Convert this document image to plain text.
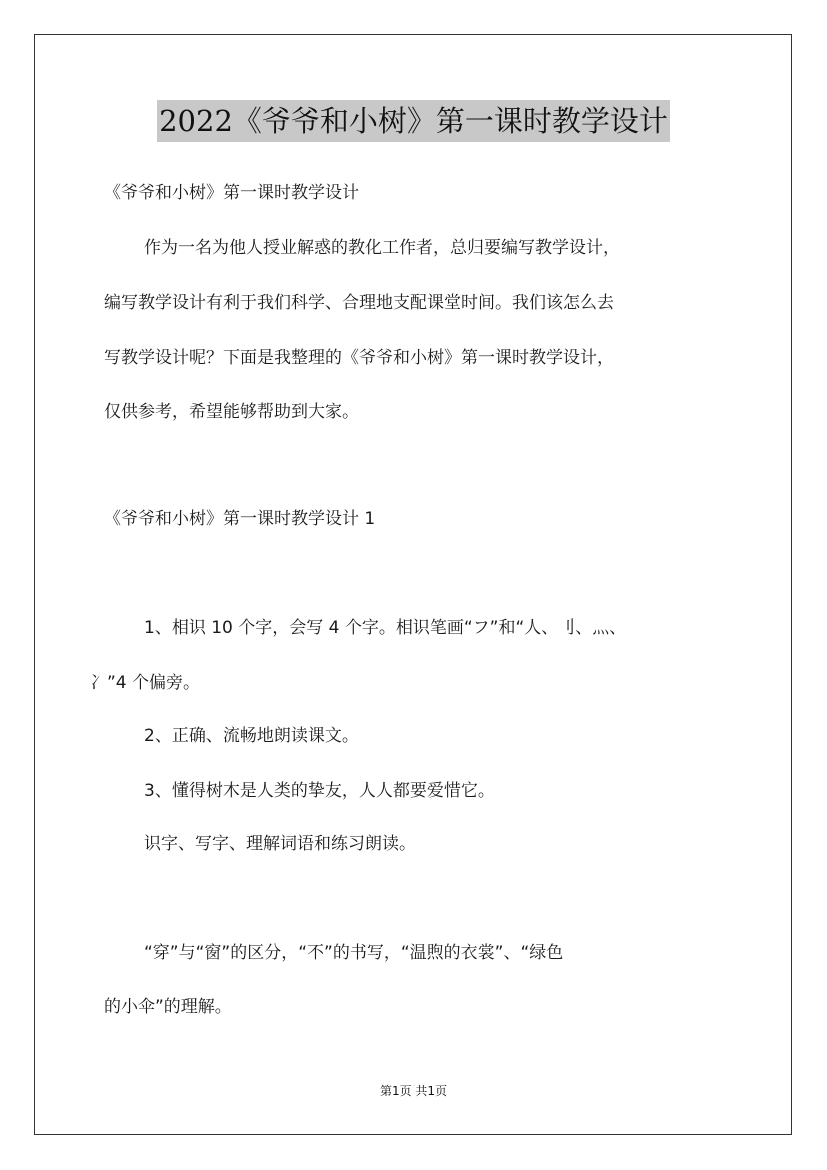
2022《爷爷和小树》第一课时教学设计
《爷爷和小树》第一课时教学设计
作为一名为他人授业解惑的教化工作者，总归要编写教学设计，
编写教学设计有利于我们科学、合理地支配课堂时间。我们该怎么去
写教学设计呢？下面是我整理的《爷爷和小树》第一课时教学设计，
仅供参考，希望能够帮助到大家。
《爷爷和小树》第一课时教学设计 1
1、相识 10 个字，会写 4 个字。相识笔画“フ”和“人、刂、灬、
冫”4 个偏旁。
2、正确、流畅地朗读课文。
3、懂得树木是人类的挚友，人人都要爱惜它。
识字、写字、理解词语和练习朗读。
“穿”与“窗”的区分，“不”的书写，“温煦的衣裳”、“绿色
的小伞”的理解。
第1页 共1页
